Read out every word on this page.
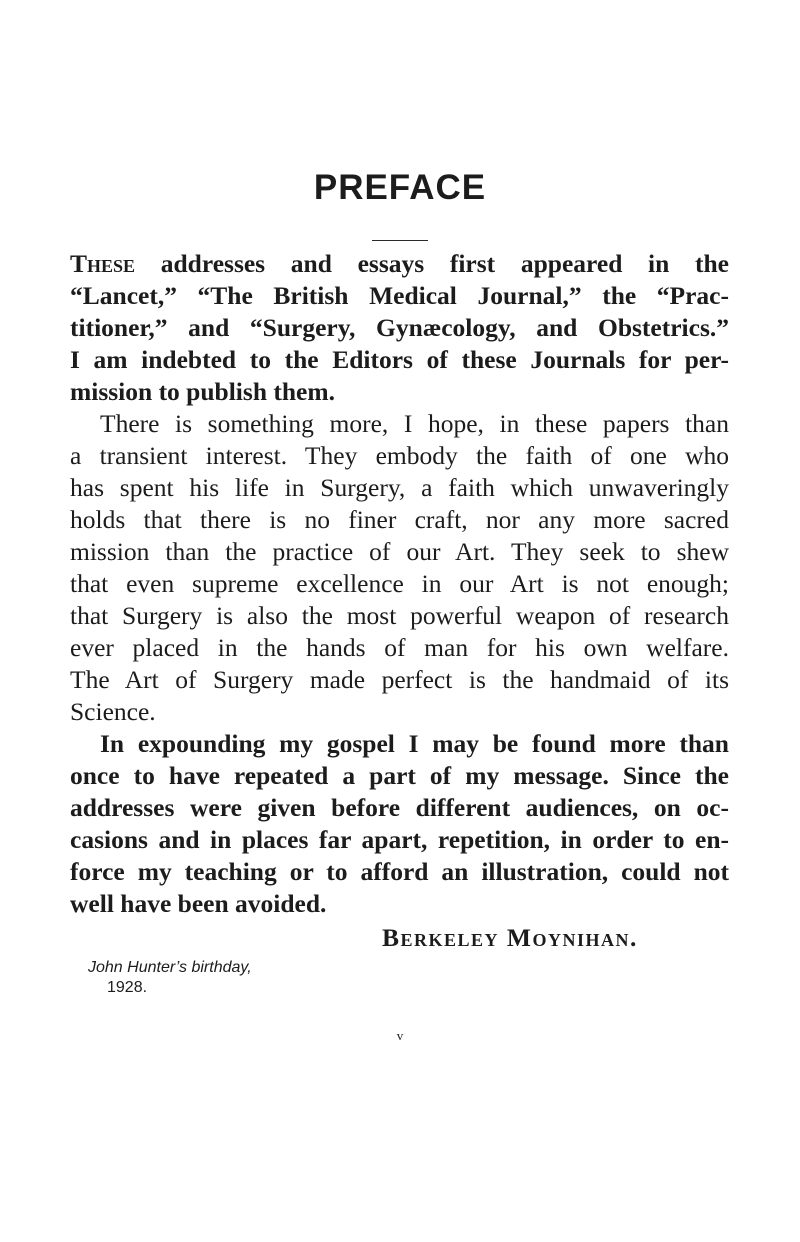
PREFACE

These addresses and essays first appeared in the

“Lancet,” “The British Medical Journal,” the “Prac-

titioner,” and “Surgery, Gynæcology, and Obstetrics.”

I am indebted to the Editors of these Journals for per-

mission to publish them.

There is something more, I hope, in these papers than

a transient interest. They embody the faith of one who

has spent his life in Surgery, a faith which unwaveringly

holds that there is no finer craft, nor any more sacred

mission than the practice of our Art. They seek to shew

that even supreme excellence in our Art is not enough;

that Surgery is also the most powerful weapon of research

ever placed in the hands of man for his own welfare.

The Art of Surgery made perfect is the handmaid of its

Science.

In expounding my gospel I may be found more than

once to have repeated a part of my message. Since the

addresses were given before different audiences, on oc-

casions and in places far apart, repetition, in order to en-

force my teaching or to afford an illustration, could not

well have been avoided.

Berkeley Moynihan.

John Hunter’s birthday,

1928.

v
